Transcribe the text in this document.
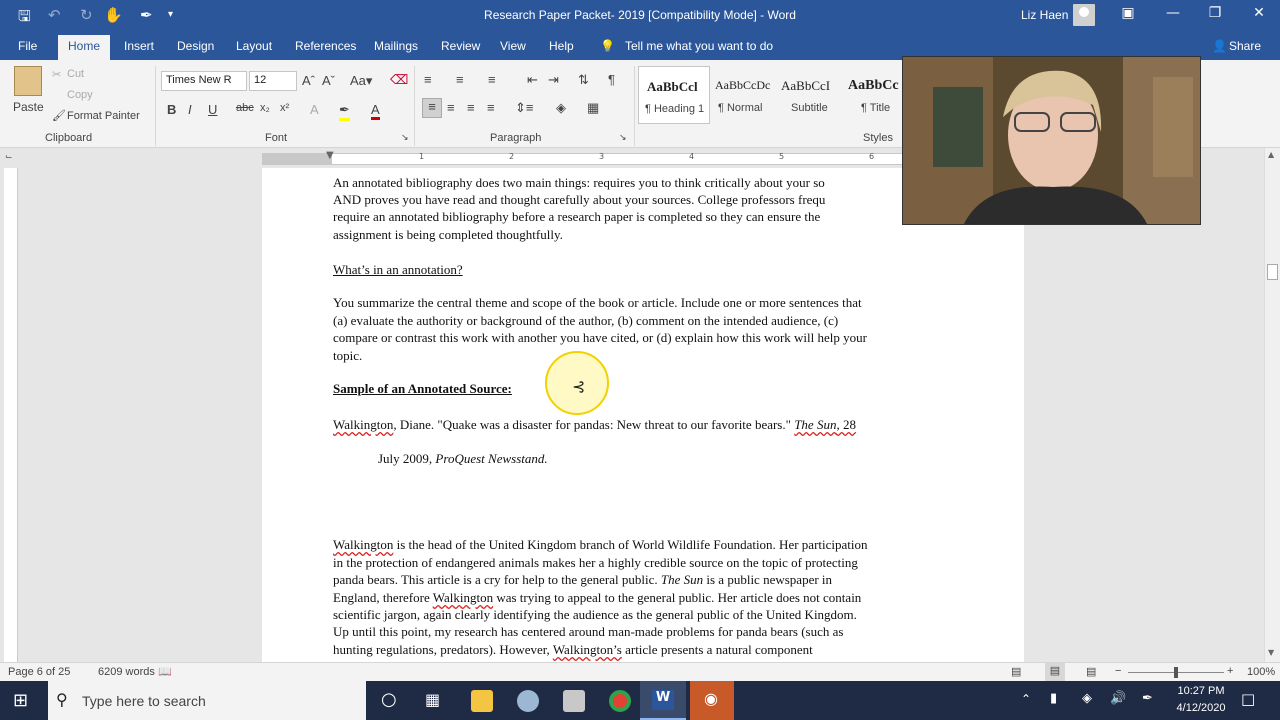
🖫 ↶ ↻ ✋ ✒ ▾	Research Paper Packet- 2019 [Compatibility Mode] - Word	Liz Haen	▣	—	❐	✕
File	Home	Insert Design Layout References Mailings Review View Help 💡 Tell me what you want to do	👤 Share
Paste
✂ Cut
Copy
🖌 Format Painter
Clipboard
Times New R	12	Aˆ Aˇ Aa▾ ⌫
B I U abc x₂ x² A ✒ A
Font	↘
≡ ≡ ≡ ⇤ ⇥ ⇅ ¶
≡ ≡ ≡ ≡ ⇕≡ ◈ ▦
Paragraph	↘
AaBbCcl
¶ Heading 1
AaBbCcDc
¶ Normal
AaBbCcI
Subtitle
AaBbCc
¶ Title
Styles
⌙	▼	1	2	3	4	5	6
An annotated bibliography does two main things: requires you to think critically about your so
AND proves you have read and thought carefully about your sources. College professors frequ
require an annotated bibliography before a research paper is completed so they can ensure the
assignment is being completed thoughtfully.
What’s in an annotation?
You summarize the central theme and scope of the book or article. Include one or more sentences that
(a) evaluate the authority or background of the author, (b) comment on the intended audience, (c)
compare or contrast this work with another you have cited, or (d) explain how this work will help your
topic.
Sample of an Annotated Source:
Walkington, Diane. "Quake was a disaster for pandas: New threat to our favorite bears." The Sun, 28
July 2009, ProQuest Newsstand.
Walkington is the head of the United Kingdom branch of World Wildlife Foundation. Her participation
in the protection of endangered animals makes her a highly credible source on the topic of protecting
panda bears. This article is a cry for help to the general public. The Sun is a public newspaper in
England, therefore Walkington was trying to appeal to the general public. Her article does not contain
scientific jargon, again clearly identifying the audience as the general public of the United Kingdom.
Up until this point, my research has centered around man-made problems for panda bears (such as
hunting regulations, predators). However, Walkington’s article presents a natural component
⊰
▲
▼
Page 6 of 25	6209 words 📖	▤	▤	▤ −	+ 100%
⊞ ⚲ Type here to search	○ ▦	W ◉	⌃ ▮ ◈ 🔊 ✒ 10:27 PM
4/12/2020 □
